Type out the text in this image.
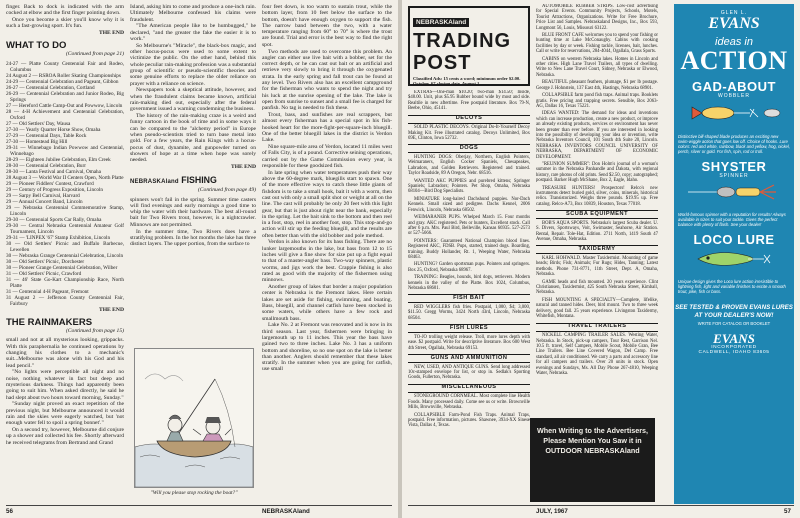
finger. Back to dock is indicated with the arm cocked at elbow and the first finger pointing down.

Once you become a skier you'll know why it is such a fast-growing sport. It's fun.

THE END

WHAT TO DO
(Continued from page 21)
24-27 — Platte County Centennial Fair and Rodeo, Columbus
24 August 2 — RSROA Roller Skating Championships
24-29 — Centennial Celebration and Pageant, Gibbon
26-27 — Centennial Celebration, Cortland
26-29 — Centennial Celebration and Junior Rodeo, Big Springs
27 — Hereford Cattle Camp-Out and Powwow, Lincoln
28 — 4-H Achievement and Centennial Celebration, Oxford
27 — Old Settlers' Day, Wausa
27-30 — Yearly Quarter Horse Show, Omaha
27-29 — Centennial Days, Table Rock
27-30 — Homestead Big Hill
29-31 — Winnebago Indian Powwow and Centennial, Winnebago
28-29 — Eighteen Jubilee Celebration, Elm Creek
28-30 — Centennial Celebration, Burr
28-30 — Lanta Festival and Carnival, Omaha
28 August 3 — World War II Centers Open, North Platte
29 — Pioneer Fiddlers' Contest, Crawford
29 — Century of Progress Exposition, Lincoln
29 — Sarpy Bell Carnival, Harvard
29 — Annual Concert Band, Lincoln
29 — Nebraska Centennial Commemorative Stamp, Lincoln
29-30 — Centennial Sports Car Rally, Omaha
29-30 — Central Nebraska Centennial Amateur Golf Tournament, Lincoln
29-31 — 'LINPEX '67' Stamp Exhibition, Lincoln
30 — Old Settlers' Picnic and Buffalo Barbecue, Lewellen
30 — Nebraska Grange Centennial Celebration, Lincoln
30 — Old Settlers' Picnic, Dorchester
30 — Pioneer Grange Centennial Celebration, Wilber
31 — Old Settlers' Picnic, Crawford
31 — 46' State Go-Kart Championship Race, North Platte
31 — Centennial 4-H Pageant, Fremont
31 August 2 — Jefferson County Centennial Fair, Fairbury

THE END

THE RAINMAKERS
(Continued from page 15)

small and not at all mysterious looking, grippacks. With this paraphernalia he continued operations by changing his clothes to a mechanic's suit...Melbourne was alone with his God and his lead pencil."

"No lights were perceptible all night and no noise, nothing whatever in fact but deep and mysterious darkness. Things had apparently been going to suit him. When asked directly, he said he had slept about two hours toward morning, Sunday."

"Sunday night proved an exact repetition of the previous night, but Melbourne announced it would rain and the skies were eagerly watched, but 'not enough water fell to spoil a spring bonnet'."

On a second try, however, Melbourne did conjure up a shower and collected his fee. Shortly afterward he received telegrams from Bertrand and Grand

Island, asking him to come and produce a one-inch rain. Ultimately Melbourne confessed his claims were fraudulent.

"The American people like to be humbugged," he declared, "and the greater the fake the easier it is to work."

So Melbourne's "Miracle", the black-box magic, and other hocus-pocus were used to some extent to victimize the public. On the other hand, behind this whole peculiar rain-making profession was a substantial group of scientific or pseudo-scientific theories and some genuine efforts to replace the older reliance on prayer with a reliance on science.

Newspapers took a skeptical attitude, however, and when the fraudulent claims became known, artificial rain-making died out, especially after the federal government issued a warning condemning the business.

The history of the rain-making craze is a weird and funny cartoon in the book of time and in some ways it can be compared to the "alchemy period" in Europe when pseudo-scientists tried to turn base metal into gold. For a few years, the Rain Kings with a hocus-pocus of dust, dynamite, and gunpowder turned on showers of hope at a time when hope was sorely needed.

THE END

NEBRASKAland FISHING
(Continued from page 49)

spinners won't fail in the spring. Summer time casters will find evenings and early mornings a good time to whip the water with their hardware. The best all-round bait for Two Rivers trout, however, is a nightcrawler. Minnows are not permitted.

In the summer time, Two Rivers does have a stratifying problem. In the hot months the lake has three distinct layers. The upper portion, from the surface to

"Will you please stop rocking the boat?"

four feet down, is too warm to sustain trout, while the bottom layer, from 10 feet below the surface to the bottom, doesn't have enough oxygen to support the fish. The narrow band between the two, with a water temperature ranging from 60° to 70° is where the trout are found. Trial and error is the best way to find the right spot.

Two methods are used to overcome this problem. An angler can either use live bait with a bobber, set for the correct depth, or he can cast out bait or an artificial and retrieve very slowly to bring it through the oxygenated strata. In the early spring and fall trout can be found at any level. Two Rivers also has an excellent campground for the fisherman who wants to spend the night and try his luck at the sunrise opening of the lake. The lake is open from sunrise to sunset and a small fee is charged for panfish. No tag is needed to fish these.

Trout, bass, and sunfishes are real scrappers, but almost every fisherman has a special spot in his fish-hooked heart for the more-fight-per-square-inch bluegill. One of the better bluegill lakes in the district is Verdon Lake.

Nine square-mile area of Verdon, located 11 miles west of Falls City, is of a pound. Corrective seining operations, carried out by the Game Commission every year, is responsible for these goodsized fish.

In late spring when water temperatures push their way above the 60-degree mark, bluegills start to spawn. One of the more effective ways to catch these little giants of fishdom is to take a small hook, bait it with a worm, then cast out with only a small split shot or weight at all on the line. The cast will probably be only 20 feet with this light gear, but that is just about right near the bank, especially in the spring. Let the bait sink to the bottom and then reel in a foot, stop, reel in another foot, stop. This stop-and-go action will stir up the feeding bluegill, and the results are often better than with the old bobber and pole method.

Verdon is also known for its bass fishing. There are no lunker largemouths in the lake, but bass from 12 to 15 inches will give a fine show for size put up a fight equal to that of a master-angler bass. Two-way spinners, plastic worms, and jigs work the best. Crappie fishing is also rated as good with the majority of the fishermen using minnows.

Another group of lakes that border a major population center is Nebraska is the Fremont lakes. Here certain lakes are set aside for fishing, swimming, and boating. Bass, bluegill, and channel catfish have been stocked in some waters, while others have a few rock and smallmouth bass.

Lake No. 2 at Fremont was renovated and is now in its third season. Last year, fishermen were bringing in largemouth up to 11 inches. This year the bass have gained two to three inches. Lake No. 3 has a uniform bottom and shoreline, so no one spot on the lake is better than another. Anglers should remember that these lakes stratify. In the summer when you are going for catfish, use small

56	NEBRASKAland
NEBRASKAland
TRADING
POST
Classified Ads: 15 cents a word; minimum order $2.00. October, 67 closing date, August 1

EXTRAS—One-man $10.20; two-man $14.50; Inside, $48.00. Unit, plus $5.95 Rubber bound wide by most and side. Realtile in new aftertime. Free postpaid literature. Box 79-N, Beebe, Ohio, 45141.

DECOYS

SOLID PLASTIC DECOYS. Original Do-It-Yourself Decoy Making Kit. Free illustrated catalog. Decoys Unlimited, Box 69E, Clinton, Iowa 52732.

DOGS

HUNTING DOGS: Oberjay, Northern, English Pointers, Weimaraners, English Cocker Spaniels, Chesapeakes, Labradors, and Golden Retrievers. Registered and trained. Taylor Roadside, 89 A Oregon, Nebr. 68516.

WANTED AKC PUPPIES and purebred kittens; Springer Spaniels; Labradors; Pointers. Pet Shop, Omaha, Nebraska 68104—Bird Dog Specialists.

MINIATURE long-haired Dachshund puppies. Nor-Dach Kennels. Small sized and pedigree. Dachs Kennel, 2006 Fenwick, Lincoln, Nebraska 68502.

WEIMARANER PUPS. Whelped March 15. Four months and gray. AKC registered. Pets or hunters, Excellent stock. Call after 6 p.m. Mrs. Paul Bird, Belleville, Kansas 66935. 527-2573 or 527-5666.

POINTERS: Guaranteed National Champion blood lines. Registered AKC, FDSB. Pups, started, trained dogs. Boarding, training. Buddy Hollander, Rt. 1, Weeping Water, Nebraska 68463.

HUNTING? Garden sportsman pups. Pointers and springers. Box 25, Oxford, Nebraska 68967.

TRAINING: Beagles, hounds, bird dogs, retrievers. Modern kennels in the valley of the Platte. Box 1024, Columbus, Nebraska 68601.

FISH BAIT

RED WIGGLERS fish fries. Postpaid, 1,000, $4; 3,000, $11.50. Gregg Worms, 3424 North 43rd, Lincoln, Nebraska 68504.

FISH LURES

TO-JO trolling weight release. Troll, more lures depth with ease. $2 postpaid. Write for descriptive literature. Box 600 West 4th Street, Ogallala, Nebraska 69153.

GUNS AND AMMUNITION

NEW, USED, AND ANTIQUE GUNS. Send long addressed 10c-stamped envelope for list, or stop in. Sedlak's Sporting Goods, Fullerton, Nebraska.

MISCELLANEOUS

STONEGROUND CORNMEAL. Most complete line Health Foods. Many processed daily. Come see us or write. Brownville Mills, Brownville, Nebraska.

COLLAPSIBLE Farm-Pond Fish Traps. Animal Traps, postpaid. Free information, pictures. Shawnee, 3934-XX Sinese Vista, Dallas 4, Texas.

AUTOMOBILE RUBBER STRIPS. Low-cost advertising for Special Events. Community Projects, Schools, Motels, Tourist Attractions, Organizations. Write for Free Brochure, Price List and Samples. Nebraskaland Designs, Inc., Box 593, Longmont 56, Louis, Missouri 63122.

BLUE FRONT CAFE welcomes you to spend your fishing or hunting time at Lake McConaughy. Cabins with cooking facilities by day or week. Fishing tackle, licenses, bait, lunches. Call or write for reservations, 284-4044, Ogallala, Grass Sports.

CABINS on western Nebraska lakes. Homes in Lincoln and other cities. High Lane Travel Trailers, all types of dwelling. Write to New Lane Travel Court, Sidney, Nebraska or Elwood, Nebraska.

BEAUTIFUL pheasant feathers, plumage, $1 per lb postage. George J. Hohnstein, 137 East 4th, Hastings, Nebraska 68901.

COLLAPSIBLE farm pond fish traps. Animal traps. Booklets gratis. Free pricing and trapping secrets. Sensible, Box 2063-AG, Dallas 16, Texas 75221.

IDEAS WANTED: The demand for ideas and inventions which can increase production, create a new product, or improve an already existing products, services or environment has never been greater than ever before. If you are interested in looking into the possibility of developing your idea or invention, write Nebraska Inventors Council, 101 South 4th Suite 20, Lincoln. NEBRASKA INVENTORS COUNCIL UNIVERSITY OF NEBRASKA, DEPARTMENT OF ECONOMIC DEVELOPMENT.

"REUNION SUMMER": Don Holm's journal of a woman's summer in the Nebraska Panhandle and Dakota, with regional history, rare photos of old prints. Send $2.50, copy; autographed; postpaid. Barker Hugh McShane, Box 2, Eagle, Idaho.

TREASURE HUNTERS! Prospectors! Relco's new instruments detect buried gold, silver, coins, minerals, historical relics. Transistorized. Weighs three pounds. $19.95 up. Free catalog. Relco-A73, Box 10839, Houston, Texas 77018.

SCUBA EQUIPMENT

BOB'S AQUA SPORTS. Nebraska's largest Scuba dealer. U. S. Divers, Sportsways, Voit, Swimaster, Seahorse, Air Station. Rental, Repair. Tole-Hat, Edition. 2711 North, 1419 South 47 Avenue, Omaha, Nebraska.

TAXIDERMY

KARL HOHWALD. Master Taxidermist. Mounting of game heads; Birds; Fish; Animals; Fur Rugs; Hides, Tanning; Latest methods. Phone 731-8771, 11th Street, Dept. A, Omaha, Nebraska.

GAME heads and fish mounted. 20 years experience. Clint Christiansen, Taxidermist, 425 South Nebraska Street, Kimball, Nebraska.

FISH MOUNTING A SPECIALTY—Complete, lifelike, natural and tanned hides. Deer, bird mount. Two to three week delivery, good fall. 25 years experience. Livingston Taxidermy, Whitefish, Montana.

TRAVEL TRAILERS

NICKELL CAMPING TRAILER SALES. Westing Water, Nebraska. In Stock, pick-up campers, Tour Rest, Garrison Nel. 10.5 ft. travel, Self Campers, Mobile Scout, Mobile Gran, Bee Line Trailers. Bee Line Covered Wagon, Del Camp. Free standard, all air conditioned. We carry a parts and accessory line for all campers and trailers. Over 20 units in stock. Open evenings and Sundays, Ms. All Day Phone 267-4810, Weeping Water, Nebraska.

When Writing to the Advertisers, Please Mention You Saw it in OUTDOOR NEBRASKAland
GLEN L.
EVANS
ideas in
ACTION
GAD-ABOUT
WOBBLER
Distinctive bill-shaped blade produces an exciting new swim-wiggle action that goes low off. Choice of hooks. Lure colors: red and white, rainbow, black and yellow, frog, nickel, perch, silver or gold. For fish, spin, rod or troll.
SHYSTER
SPINNER
World-famous spinner with a reputation for results! Always available in sizes to suit your tackle. Gives the perfect balance with plenty of flash. See your dealer!
LOCO LURE
Unique design gives the Loco lure action irresistible to lightning fish, light and variable finishes to excite a smooth trout, pike, fish or bass.
SEE TESTED & PROVEN EVANS LURES AT YOUR DEALER'S NOW!
WRITE FOR CATALOG OR BOOKLET
EVANS
INCORPORATED
CALDWELL, IDAHO 83605
JULY, 1967	57
